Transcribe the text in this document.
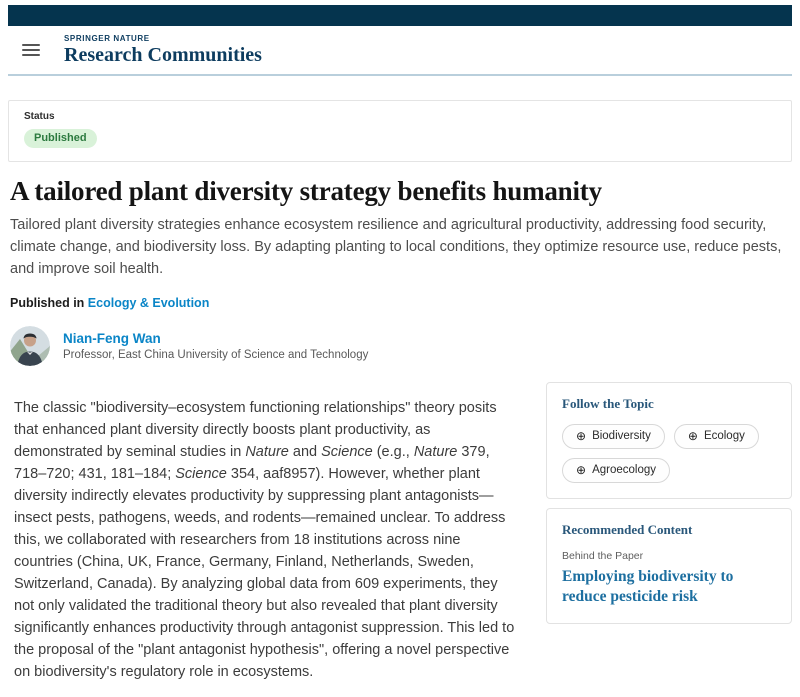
SPRINGER NATURE
Research Communities
Status
Published
A tailored plant diversity strategy benefits humanity

Tailored plant diversity strategies enhance ecosystem resilience and agricultural productivity, addressing food security, climate change, and biodiversity loss. By adapting planting to local conditions, they optimize resource use, reduce pests, and improve soil health.

Published in Ecology & Evolution
Nian-Feng Wan
Professor, East China University of Science and Technology

The classic "biodiversity–ecosystem functioning relationships" theory posits that enhanced plant diversity directly boosts plant productivity, as demonstrated by seminal studies in Nature and Science (e.g., Nature 379, 718–720; 431, 181–184; Science 354, aaf8957). However, whether plant diversity indirectly elevates productivity by suppressing plant antagonists—insect pests, pathogens, weeds, and rodents—remained unclear. To address this, we collaborated with researchers from 18 institutions across nine countries (China, UK, France, Germany, Finland, Netherlands, Sweden, Switzerland, Canada). By analyzing global data from 609 experiments, they not only validated the traditional theory but also revealed that plant diversity significantly enhances productivity through antagonist suppression. This led to the proposal of the "plant antagonist hypothesis", offering a novel perspective on biodiversity's regulatory role in ecosystems.

Follow the Topic
⊕ Biodiversity	⊕ Ecology
⊕ Agroecology
Recommended Content
Behind the Paper
Employing biodiversity to reduce pesticide risk
